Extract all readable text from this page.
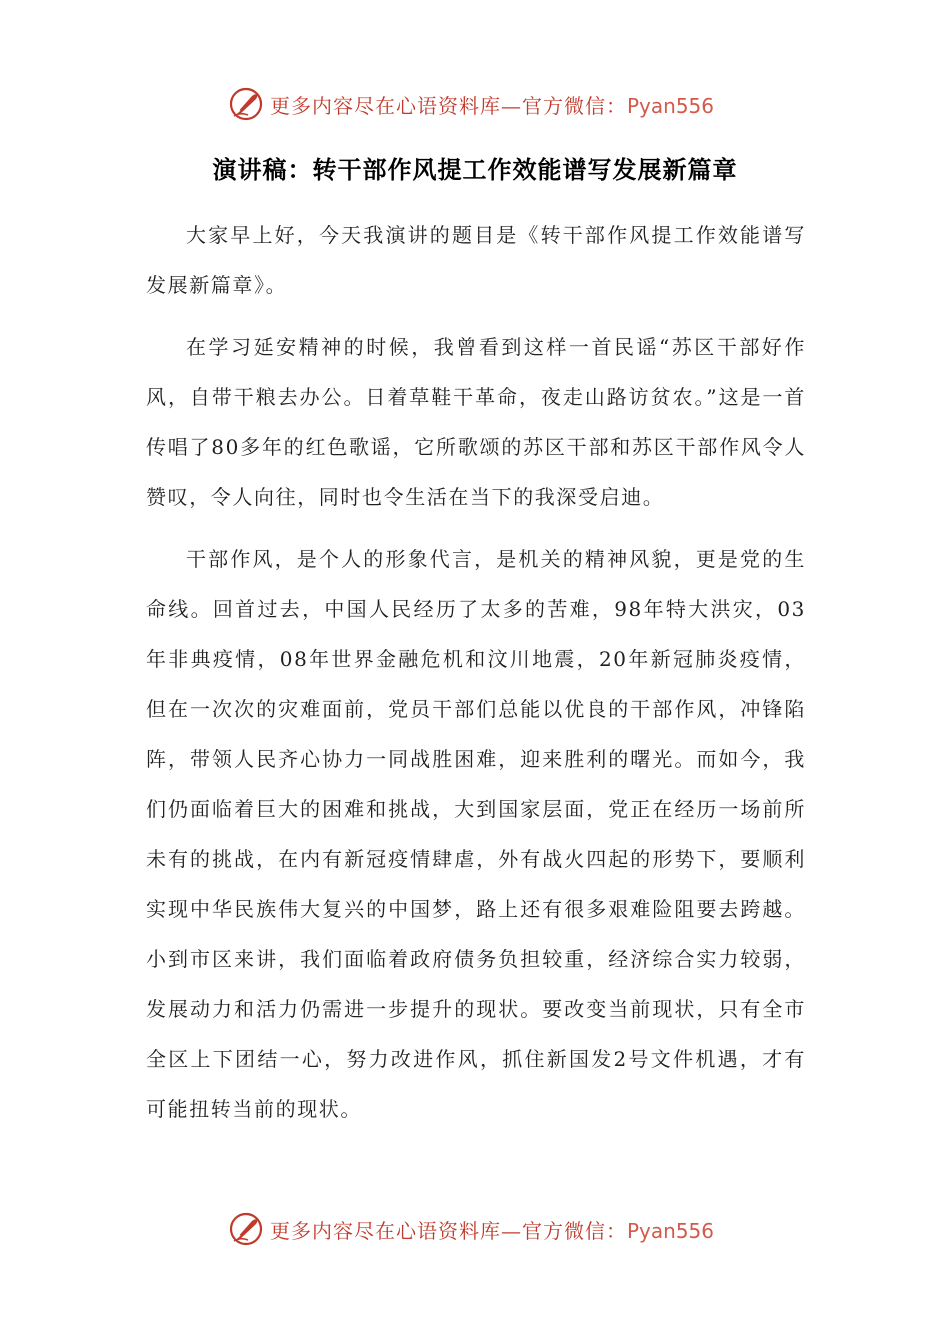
更多内容尽在心语资料库—官方微信：Pyan556
演讲稿：转干部作风提工作效能谱写发展新篇章

大家早上好，今天我演讲的题目是《转干部作风提工作效能谱写发展新篇章》。

在学习延安精神的时候，我曾看到这样一首民谣“苏区干部好作风，自带干粮去办公。日着草鞋干革命，夜走山路访贫农。”这是一首传唱了80多年的红色歌谣，它所歌颂的苏区干部和苏区干部作风令人赞叹，令人向往，同时也令生活在当下的我深受启迪。

干部作风，是个人的形象代言，是机关的精神风貌，更是党的生命线。回首过去，中国人民经历了太多的苦难，98年特大洪灾，03年非典疫情，08年世界金融危机和汶川地震，20年新冠肺炎疫情，但在一次次的灾难面前，党员干部们总能以优良的干部作风，冲锋陷阵，带领人民齐心协力一同战胜困难，迎来胜利的曙光。而如今，我们仍面临着巨大的困难和挑战，大到国家层面，党正在经历一场前所未有的挑战，在内有新冠疫情肆虐，外有战火四起的形势下，要顺利实现中华民族伟大复兴的中国梦，路上还有很多艰难险阻要去跨越。小到市区来讲，我们面临着政府债务负担较重，经济综合实力较弱，发展动力和活力仍需进一步提升的现状。要改变当前现状，只有全市全区上下团结一心，努力改进作风，抓住新国发2号文件机遇，才有可能扭转当前的现状。

更多内容尽在心语资料库—官方微信：Pyan556
